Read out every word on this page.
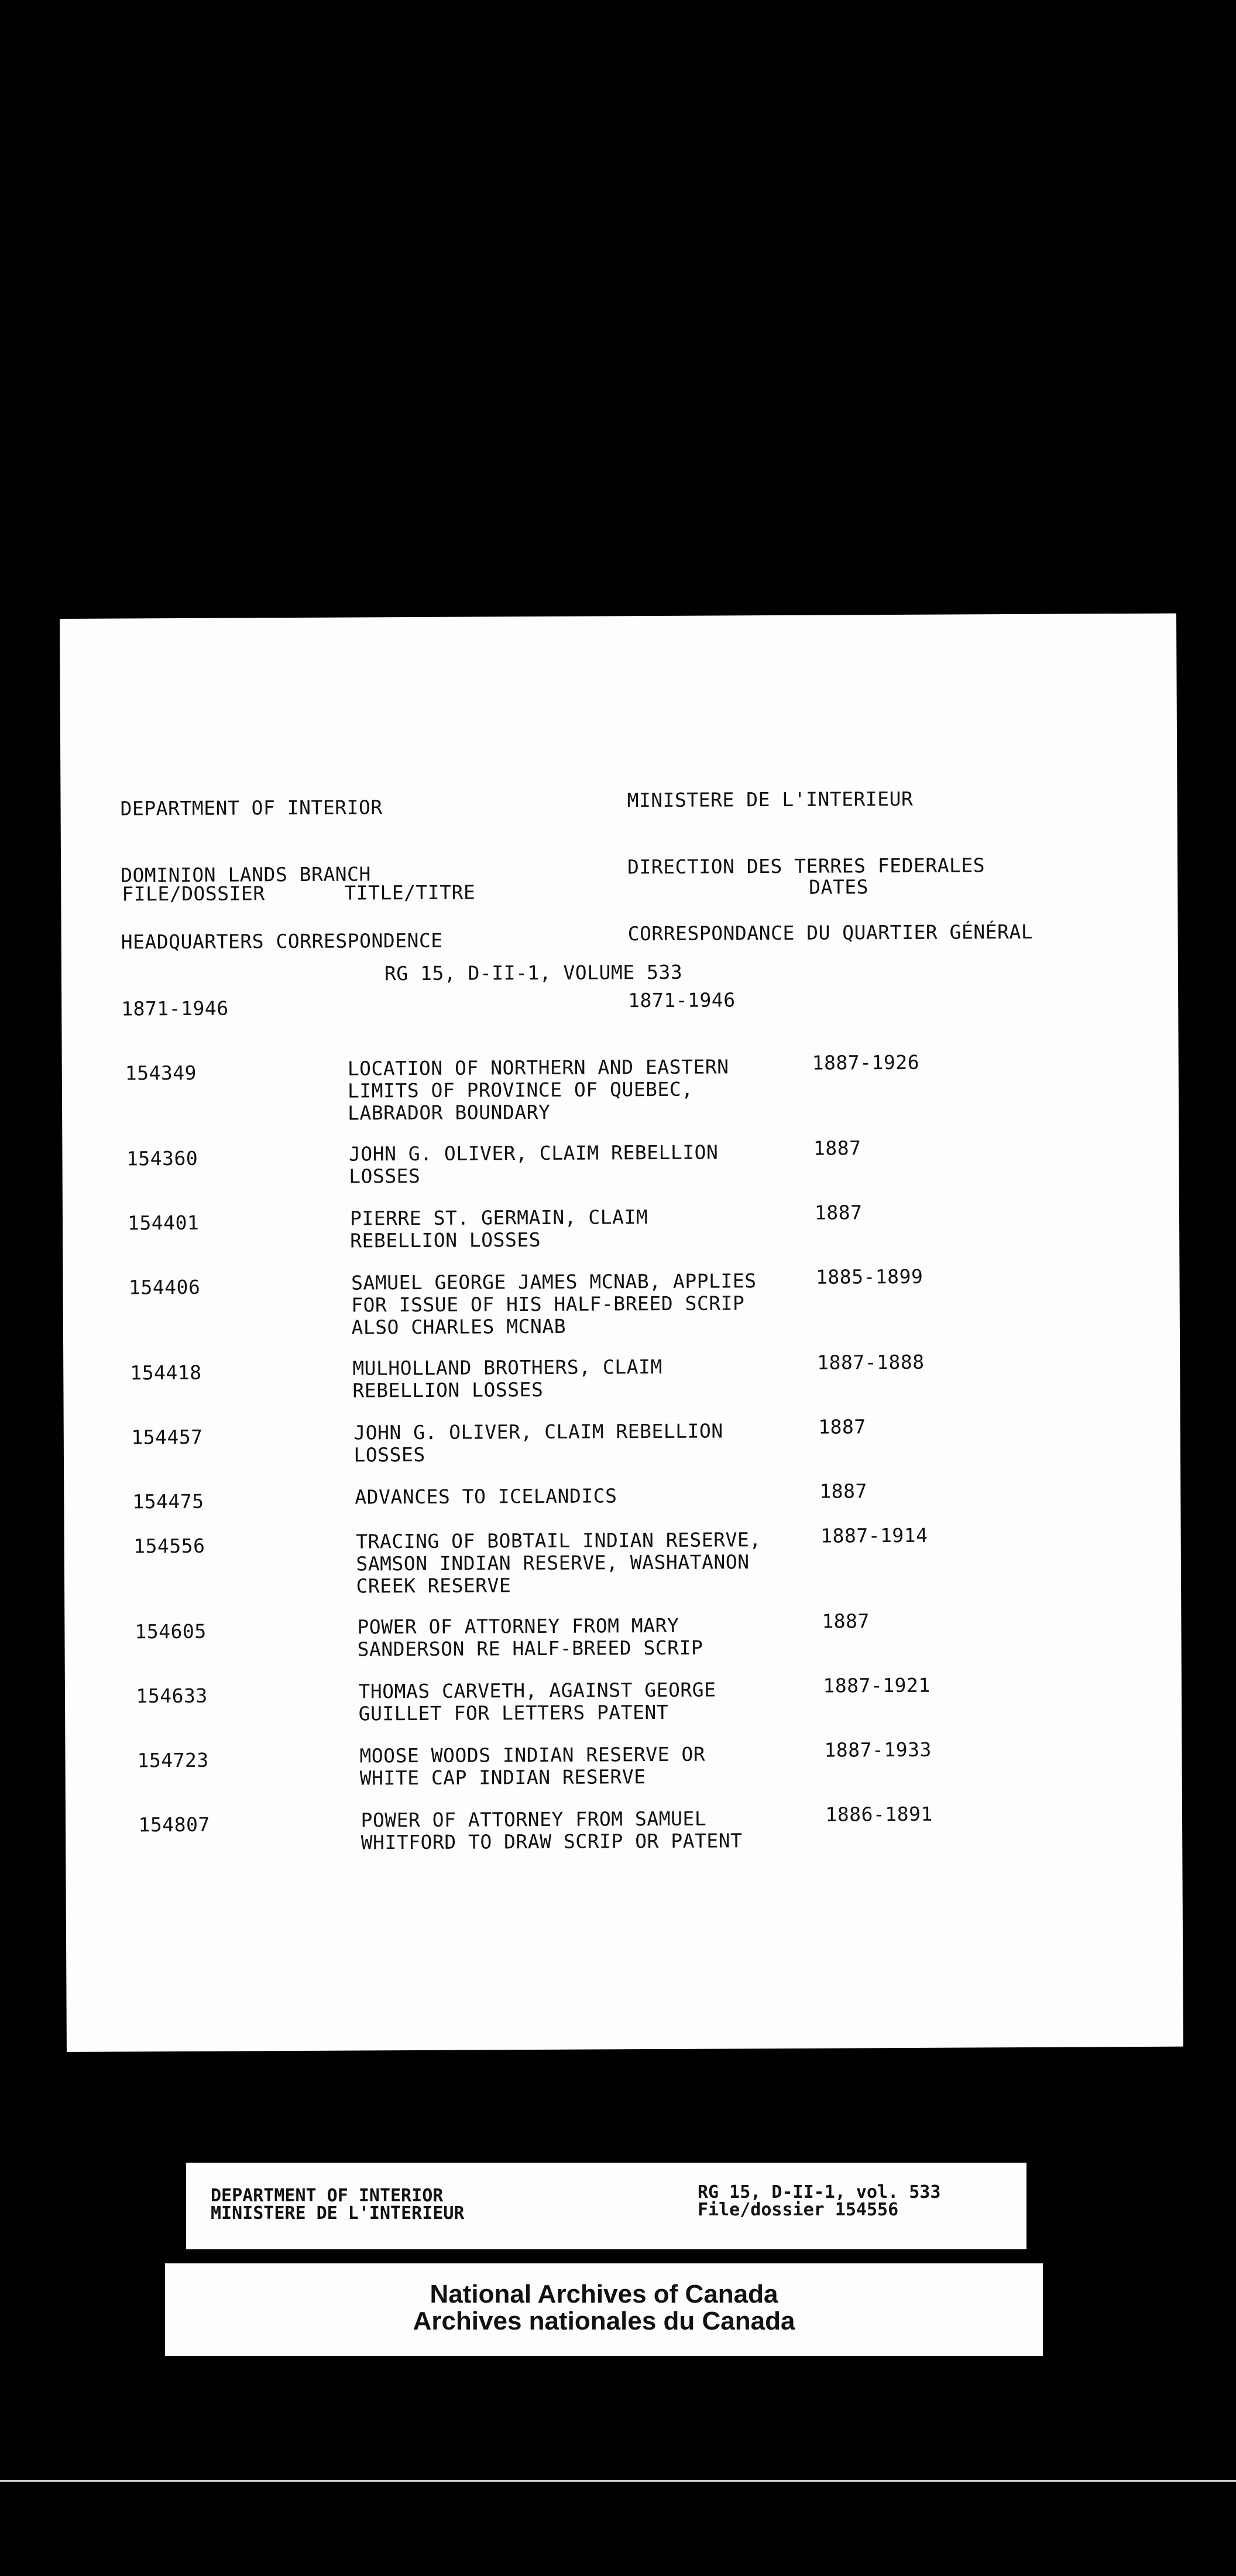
DEPARTMENT OF INTERIOR

DOMINION LANDS BRANCH

HEADQUARTERS CORRESPONDENCE

1871-1946

MINISTERE DE L'INTERIEUR

DIRECTION DES TERRES FEDERALES

CORRESPONDANCE DU QUARTIER GÉNÉRAL

1871-1946

FILE/DOSSIER	TITLE/TITRE	DATES
RG 15, D-II-1, VOLUME 533
154349	LOCATION OF NORTHERN AND EASTERN
LIMITS OF PROVINCE OF QUEBEC,
LABRADOR BOUNDARY
1887-1926
154360	JOHN G. OLIVER, CLAIM REBELLION
LOSSES
1887
154401	PIERRE ST. GERMAIN, CLAIM
REBELLION LOSSES
1887
154406	SAMUEL GEORGE JAMES MCNAB, APPLIES
FOR ISSUE OF HIS HALF-BREED SCRIP
ALSO CHARLES MCNAB
1885-1899
154418	MULHOLLAND BROTHERS, CLAIM
REBELLION LOSSES
1887-1888
154457	JOHN G. OLIVER, CLAIM REBELLION
LOSSES
1887
154475	ADVANCES TO ICELANDICS	1887
154556	TRACING OF BOBTAIL INDIAN RESERVE,
SAMSON INDIAN RESERVE, WASHATANON
CREEK RESERVE
1887-1914
154605	POWER OF ATTORNEY FROM MARY
SANDERSON RE HALF-BREED SCRIP
1887
154633	THOMAS CARVETH, AGAINST GEORGE
GUILLET FOR LETTERS PATENT
1887-1921
154723	MOOSE WOODS INDIAN RESERVE OR
WHITE CAP INDIAN RESERVE
1887-1933
154807	POWER OF ATTORNEY FROM SAMUEL
WHITFORD TO DRAW SCRIP OR PATENT
1886-1891
DEPARTMENT OF INTERIOR
MINISTERE DE L'INTERIEUR
RG 15, D-II-1, vol. 533
File/dossier 154556
National Archives of Canada
Archives nationales du Canada
